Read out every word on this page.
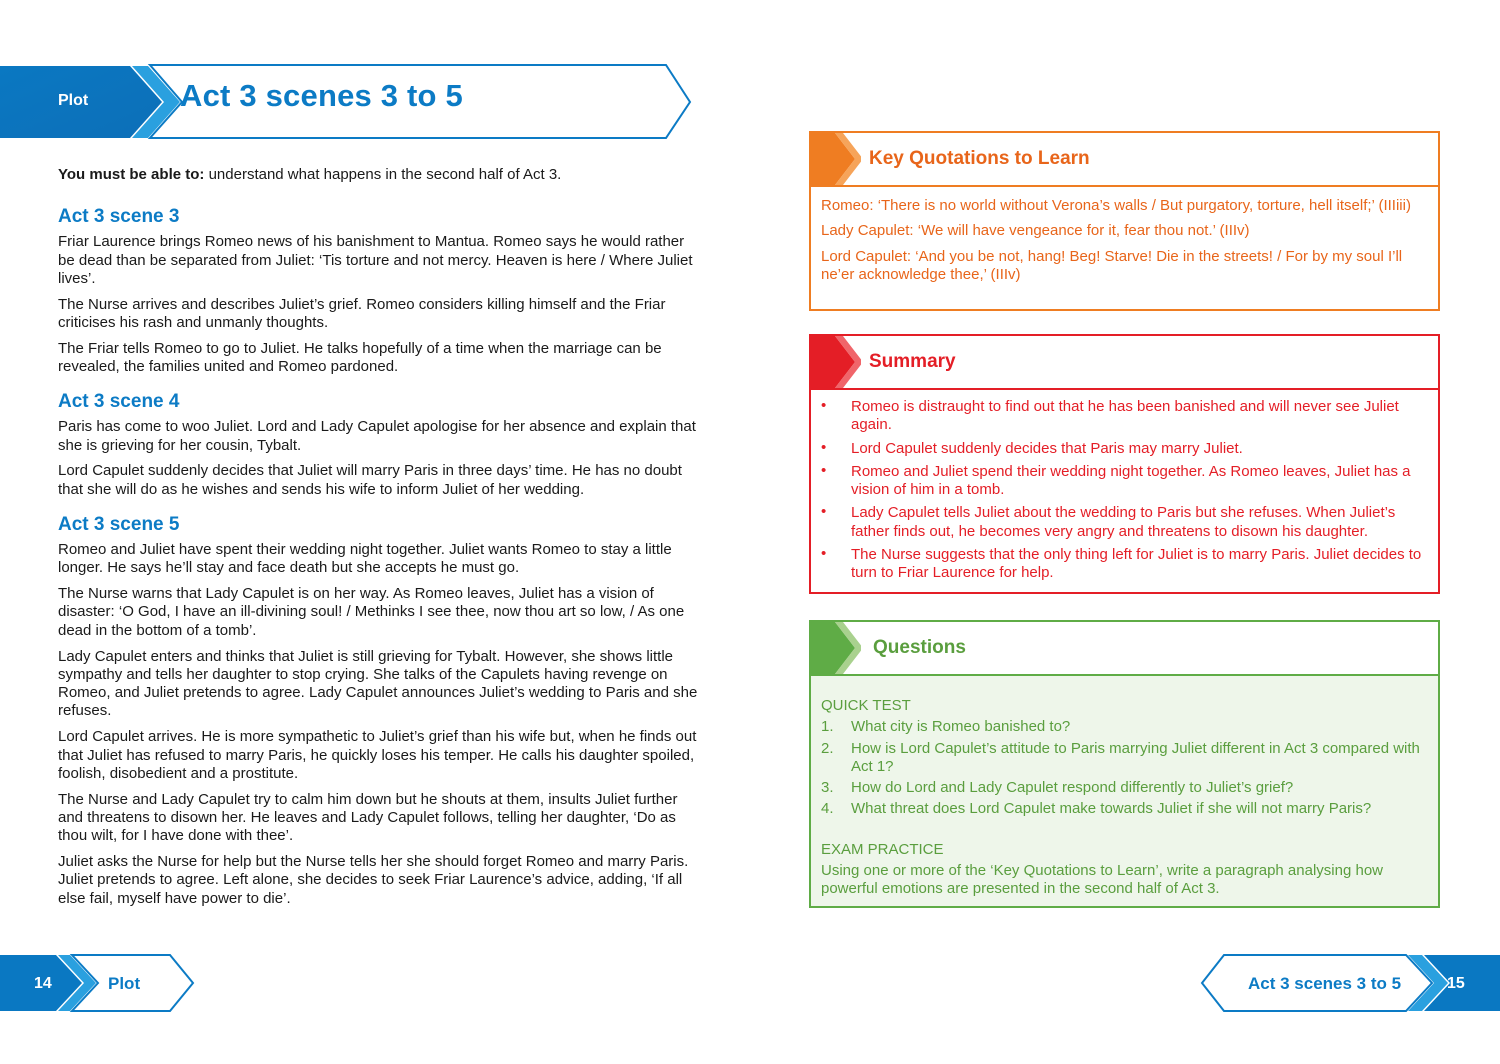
Plot	Act 3 scenes 3 to 5

You must be able to: understand what happens in the second half of Act 3.

Act 3 scene 3

Friar Laurence brings Romeo news of his banishment to Mantua. Romeo says he would rather be dead than be separated from Juliet: ‘Tis torture and not mercy. Heaven is here / Where Juliet lives’.

The Nurse arrives and describes Juliet’s grief. Romeo considers killing himself and the Friar criticises his rash and unmanly thoughts.

The Friar tells Romeo to go to Juliet. He talks hopefully of a time when the marriage can be revealed, the families united and Romeo pardoned.

Act 3 scene 4

Paris has come to woo Juliet. Lord and Lady Capulet apologise for her absence and explain that she is grieving for her cousin, Tybalt.

Lord Capulet suddenly decides that Juliet will marry Paris in three days’ time. He has no doubt that she will do as he wishes and sends his wife to inform Juliet of her wedding.

Act 3 scene 5

Romeo and Juliet have spent their wedding night together. Juliet wants Romeo to stay a little longer. He says he’ll stay and face death but she accepts he must go.

The Nurse warns that Lady Capulet is on her way. As Romeo leaves, Juliet has a vision of disaster: ‘O God, I have an ill-divining soul! / Methinks I see thee, now thou art so low, / As one dead in the bottom of a tomb’.

Lady Capulet enters and thinks that Juliet is still grieving for Tybalt. However, she shows little sympathy and tells her daughter to stop crying. She talks of the Capulets having revenge on Romeo, and Juliet pretends to agree. Lady Capulet announces Juliet’s wedding to Paris and she refuses.

Lord Capulet arrives. He is more sympathetic to Juliet’s grief than his wife but, when he finds out that Juliet has refused to marry Paris, he quickly loses his temper. He calls his daughter spoiled, foolish, disobedient and a prostitute.

The Nurse and Lady Capulet try to calm him down but he shouts at them, insults Juliet further and threatens to disown her. He leaves and Lady Capulet follows, telling her daughter, ‘Do as thou wilt, for I have done with thee’.

Juliet asks the Nurse for help but the Nurse tells her she should forget Romeo and marry Paris. Juliet pretends to agree. Left alone, she decides to seek Friar Laurence’s advice, adding, ‘If all else fail, myself have power to die’.

Key Quotations to Learn

Romeo: ‘There is no world without Verona’s walls / But purgatory, torture, hell itself;’ (IIIiii)

Lady Capulet: ‘We will have vengeance for it, fear thou not.’ (IIIv)

Lord Capulet: ‘And you be not, hang! Beg! Starve! Die in the streets! / For by my soul I’ll ne’er acknowledge thee,’ (IIIv)

Summary
• Romeo is distraught to find out that he has been banished and will never see Juliet again.
• Lord Capulet suddenly decides that Paris may marry Juliet.
• Romeo and Juliet spend their wedding night together. As Romeo leaves, Juliet has a vision of him in a tomb.
• Lady Capulet tells Juliet about the wedding to Paris but she refuses. When Juliet’s father finds out, he becomes very angry and threatens to disown his daughter.
• The Nurse suggests that the only thing left for Juliet is to marry Paris. Juliet decides to turn to Friar Laurence for help.
Questions

QUICK TEST

1. What city is Romeo banished to?
2. How is Lord Capulet’s attitude to Paris marrying Juliet different in Act 3 compared with Act 1?
3. How do Lord and Lady Capulet respond differently to Juliet’s grief?
4. What threat does Lord Capulet make towards Juliet if she will not marry Paris?

EXAM PRACTICE

Using one or more of the ‘Key Quotations to Learn’, write a paragraph analysing how powerful emotions are presented in the second half of Act 3.

14	Plot	Act 3 scenes 3 to 5	15
